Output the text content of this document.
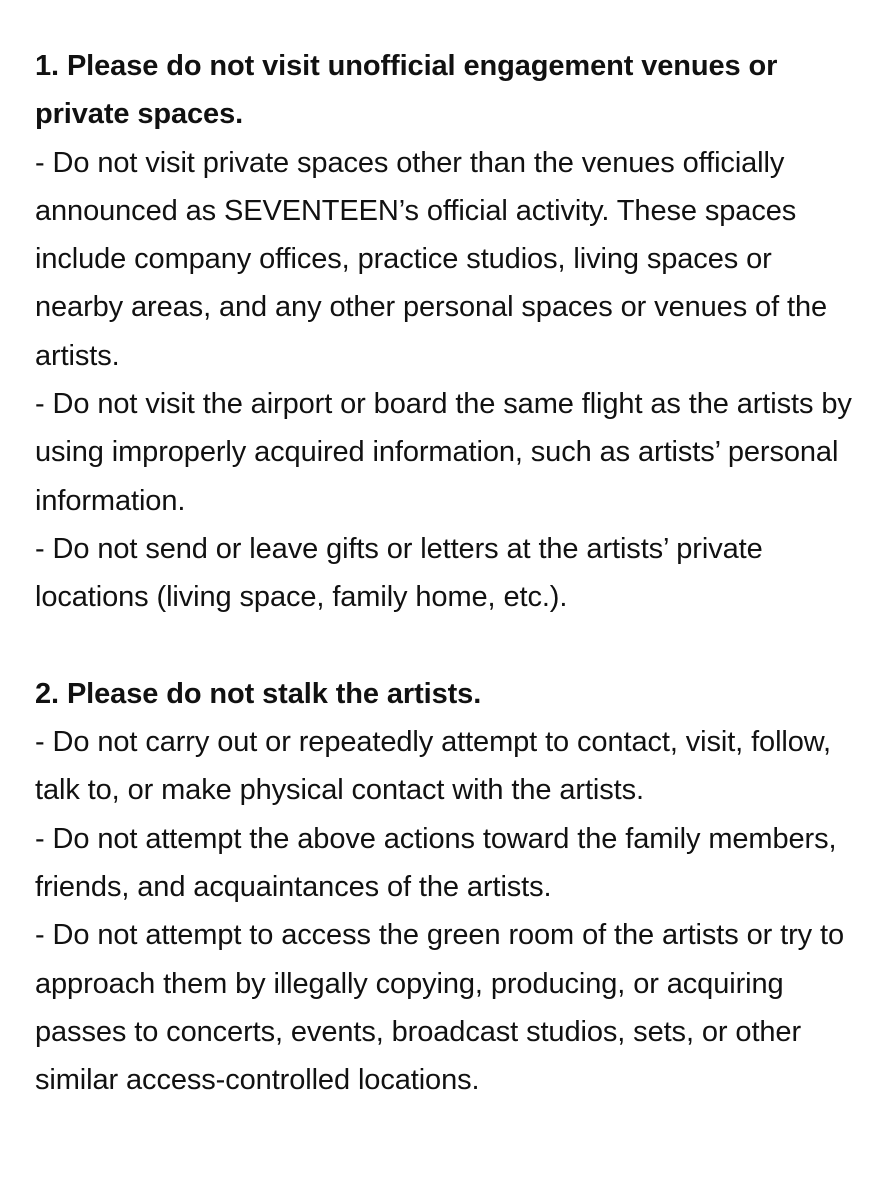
1. Please do not visit unofficial engagement venues or private spaces.
- Do not visit private spaces other than the venues officially announced as SEVENTEEN’s official activity. These spaces include company offices, practice studios, living spaces or nearby areas, and any other personal spaces or venues of the artists.
- Do not visit the airport or board the same flight as the artists by using improperly acquired information, such as artists’ personal information.
- Do not send or leave gifts or letters at the artists’ private locations (living space, family home, etc.).
2. Please do not stalk the artists.
- Do not carry out or repeatedly attempt to contact, visit, follow, talk to, or make physical contact with the artists.
- Do not attempt the above actions toward the family members, friends, and acquaintances of the artists.
- Do not attempt to access the green room of the artists or try to approach them by illegally copying, producing, or acquiring passes to concerts, events, broadcast studios, sets, or other similar access-controlled locations.
